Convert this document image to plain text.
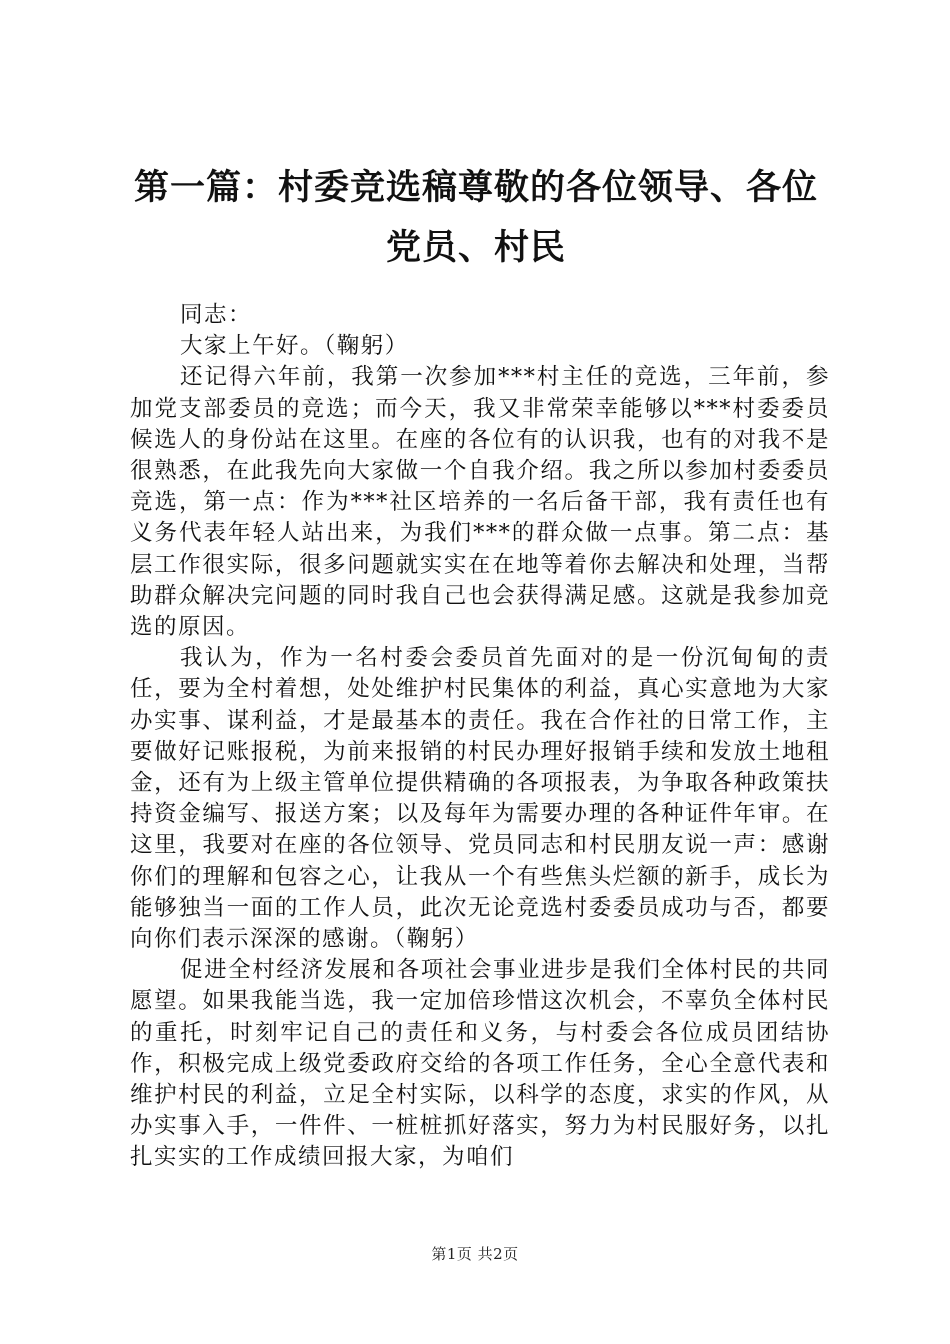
第一篇：村委竞选稿尊敬的各位领导、各位党员、村民

同志：

大家上午好。（鞠躬）

还记得六年前，我第一次参加***村主任的竞选，三年前，参加党支部委员的竞选；而今天，我又非常荣幸能够以***村委委员候选人的身份站在这里。在座的各位有的认识我，也有的对我不是很熟悉，在此我先向大家做一个自我介绍。我之所以参加村委委员竞选，第一点：作为***社区培养的一名后备干部，我有责任也有义务代表年轻人站出来，为我们***的群众做一点事。第二点：基层工作很实际，很多问题就实实在在地等着你去解决和处理，当帮助群众解决完问题的同时我自己也会获得满足感。这就是我参加竞选的原因。

我认为，作为一名村委会委员首先面对的是一份沉甸甸的责任，要为全村着想，处处维护村民集体的利益，真心实意地为大家办实事、谋利益，才是最基本的责任。我在合作社的日常工作，主要做好记账报税，为前来报销的村民办理好报销手续和发放土地租金，还有为上级主管单位提供精确的各项报表，为争取各种政策扶持资金编写、报送方案；以及每年为需要办理的各种证件年审。在这里，我要对在座的各位领导、党员同志和村民朋友说一声：感谢你们的理解和包容之心，让我从一个有些焦头烂额的新手，成长为能够独当一面的工作人员，此次无论竞选村委委员成功与否，都要向你们表示深深的感谢。（鞠躬）

促进全村经济发展和各项社会事业进步是我们全体村民的共同愿望。如果我能当选，我一定加倍珍惜这次机会，不辜负全体村民的重托，时刻牢记自己的责任和义务，与村委会各位成员团结协作，积极完成上级党委政府交给的各项工作任务，全心全意代表和维护村民的利益，立足全村实际，以科学的态度，求实的作风，从办实事入手，一件件、一桩桩抓好落实，努力为村民服好务，以扎扎实实的工作成绩回报大家，为咱们

第1页 共2页
